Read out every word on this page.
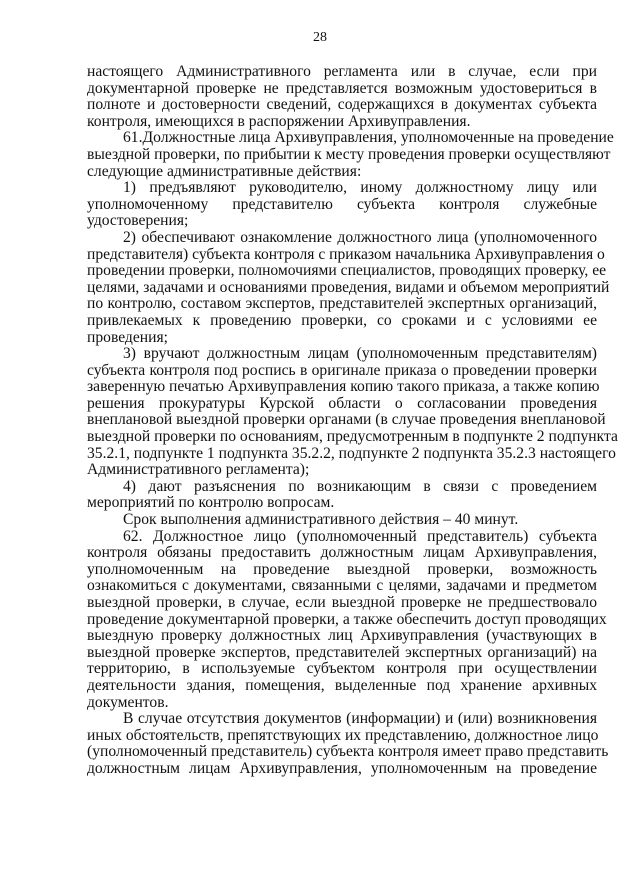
28
настоящего Административного регламента или в случае, если при
документарной проверке не представляется возможным удостовериться в
полноте и достоверности сведений, содержащихся в документах субъекта
контроля, имеющихся в распоряжении Архивуправления.
61.Должностные лица Архивуправления, уполномоченные на проведение
выездной проверки, по прибытии к месту проведения проверки осуществляют
следующие административные действия:
1) предъявляют руководителю, иному должностному лицу или
уполномоченному представителю субъекта контроля служебные
удостоверения;
2) обеспечивают ознакомление должностного лица (уполномоченного
представителя) субъекта контроля с приказом начальника Архивуправления о
проведении проверки, полномочиями специалистов, проводящих проверку, ее
целями, задачами и основаниями проведения, видами и объемом мероприятий
по контролю, составом экспертов, представителей экспертных организаций,
привлекаемых к проведению проверки, со сроками и с условиями ее
проведения;
3) вручают должностным лицам (уполномоченным представителям)
субъекта контроля под роспись в оригинале приказа о проведении проверки
заверенную печатью Архивуправления копию такого приказа, а также копию
решения прокуратуры Курской области о согласовании проведения
внеплановой выездной проверки органами (в случае проведения внеплановой
выездной проверки по основаниям, предусмотренным в подпункте 2 подпункта
35.2.1, подпункте 1 подпункта 35.2.2, подпункте 2 подпункта 35.2.3 настоящего
Административного регламента);
4) дают разъяснения по возникающим в связи с проведением
мероприятий по контролю вопросам.
Срок выполнения административного действия – 40 минут.
62. Должностное лицо (уполномоченный представитель) субъекта
контроля обязаны предоставить должностным лицам Архивуправления,
уполномоченным на проведение выездной проверки, возможность
ознакомиться с документами, связанными с целями, задачами и предметом
выездной проверки, в случае, если выездной проверке не предшествовало
проведение документарной проверки, а также обеспечить доступ проводящих
выездную проверку должностных лиц Архивуправления (участвующих в
выездной проверке экспертов, представителей экспертных организаций) на
территорию, в используемые субъектом контроля при осуществлении
деятельности здания, помещения, выделенные под хранение архивных
документов.
В случае отсутствия документов (информации) и (или) возникновения
иных обстоятельств, препятствующих их представлению, должностное лицо
(уполномоченный представитель) субъекта контроля имеет право представить
должностным лицам Архивуправления, уполномоченным на проведение
